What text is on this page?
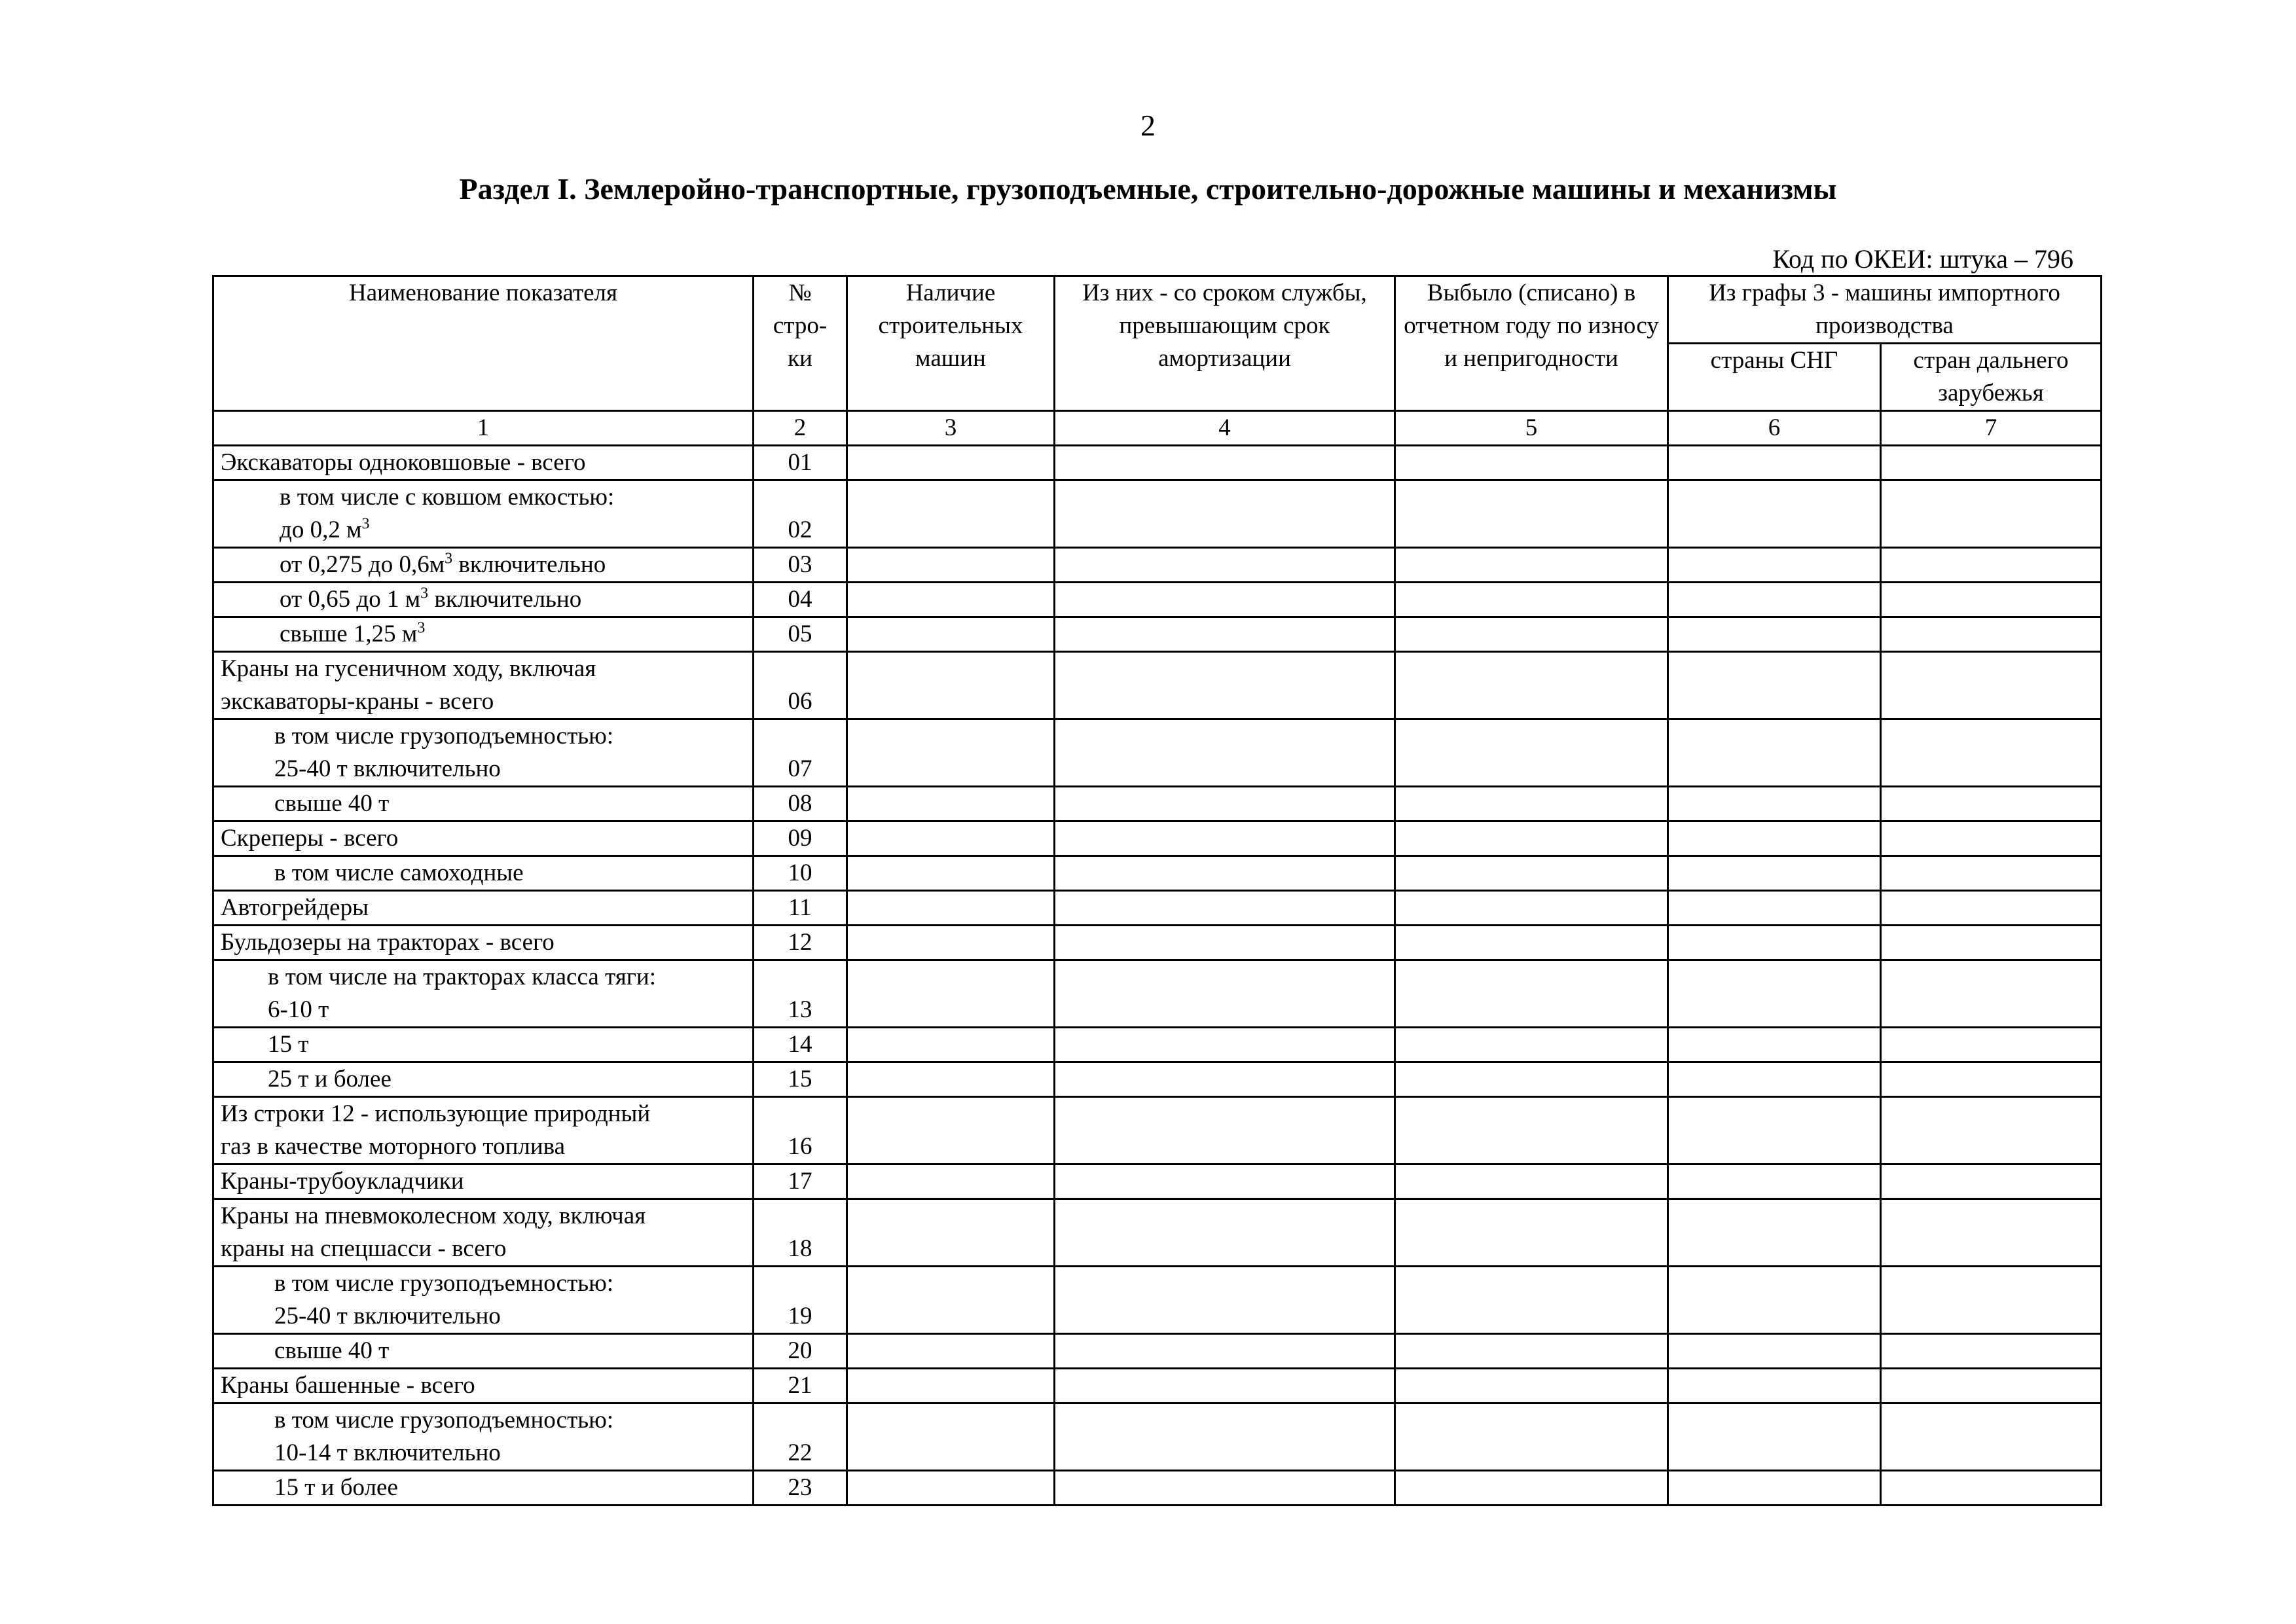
2
Раздел I. Землеройно-транспортные, грузоподъемные, строительно-дорожные машины и механизмы
Код по ОКЕИ: штука – 796
Наименование показателя	№ стро-ки	Наличие строительных машин	Из них - со сроком службы, превышающим срок амортизации	Выбыло (списано) в отчетном году по износу и непригодности	Из графы 3 - машины импортного производства	
					страны СНГ	стран дальнего зарубежья
1	2	3	4	5	6	7
Экскаваторы одноковшовые - всего	01					
в том числе с ковшом емкостью:
до 0,2 $м^3$	02					
от 0,275 до $0,6м^3$ включительно	03					
от 0,65 до 1 $м^3$ включительно	04					
свыше 1,25 $м^3$	05					
Краны на гусеничном ходу, включая
экскаваторы-краны - всего	06					
в том числе грузоподъемностью:
25-40 т включительно	07					
свыше 40 т	08					
Скреперы - всего	09					
в том числе самоходные	10					
Автогрейдеры	11					
Бульдозеры на тракторах - всего	12					
в том числе на тракторах класса тяги:
6-10 т	13					
15 т	14					
25 т и более	15					
Из строки 12 - использующие природный
газ в качестве моторного топлива	16					
Краны-трубоукладчики	17					
Краны на пневмоколесном ходу, включая
краны на спецшасси - всего	18					
в том числе грузоподъемностью:
25-40 т включительно	19					
свыше 40 т	20					
Краны башенные - всего	21					
в том числе грузоподъемностью:
10-14 т включительно	22					
15 т и более	23					
